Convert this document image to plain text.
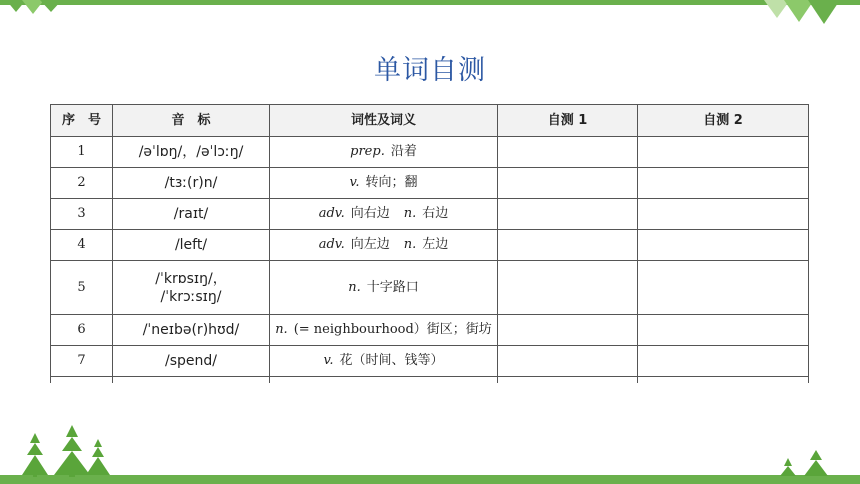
单词自测
序　号	音　标	词性及词义	自测 1	自测 2
1	/əˈlɒŋ/，/əˈlɔːŋ/	prep. 沿着		
2	/tɜː(r)n/	v. 转向；翻		
3	/raɪt/	adv. 向右边 n. 右边		
4	/left/	adv. 向左边 n. 左边		
5	/ˈkrɒsɪŋ/，
/ˈkrɔːsɪŋ/	n. 十字路口		
6	/ˈneɪbə(r)hʊd/	n. (= neighbourhood）街区；街坊		
7	/spend/	v. 花（时间、钱等）		
